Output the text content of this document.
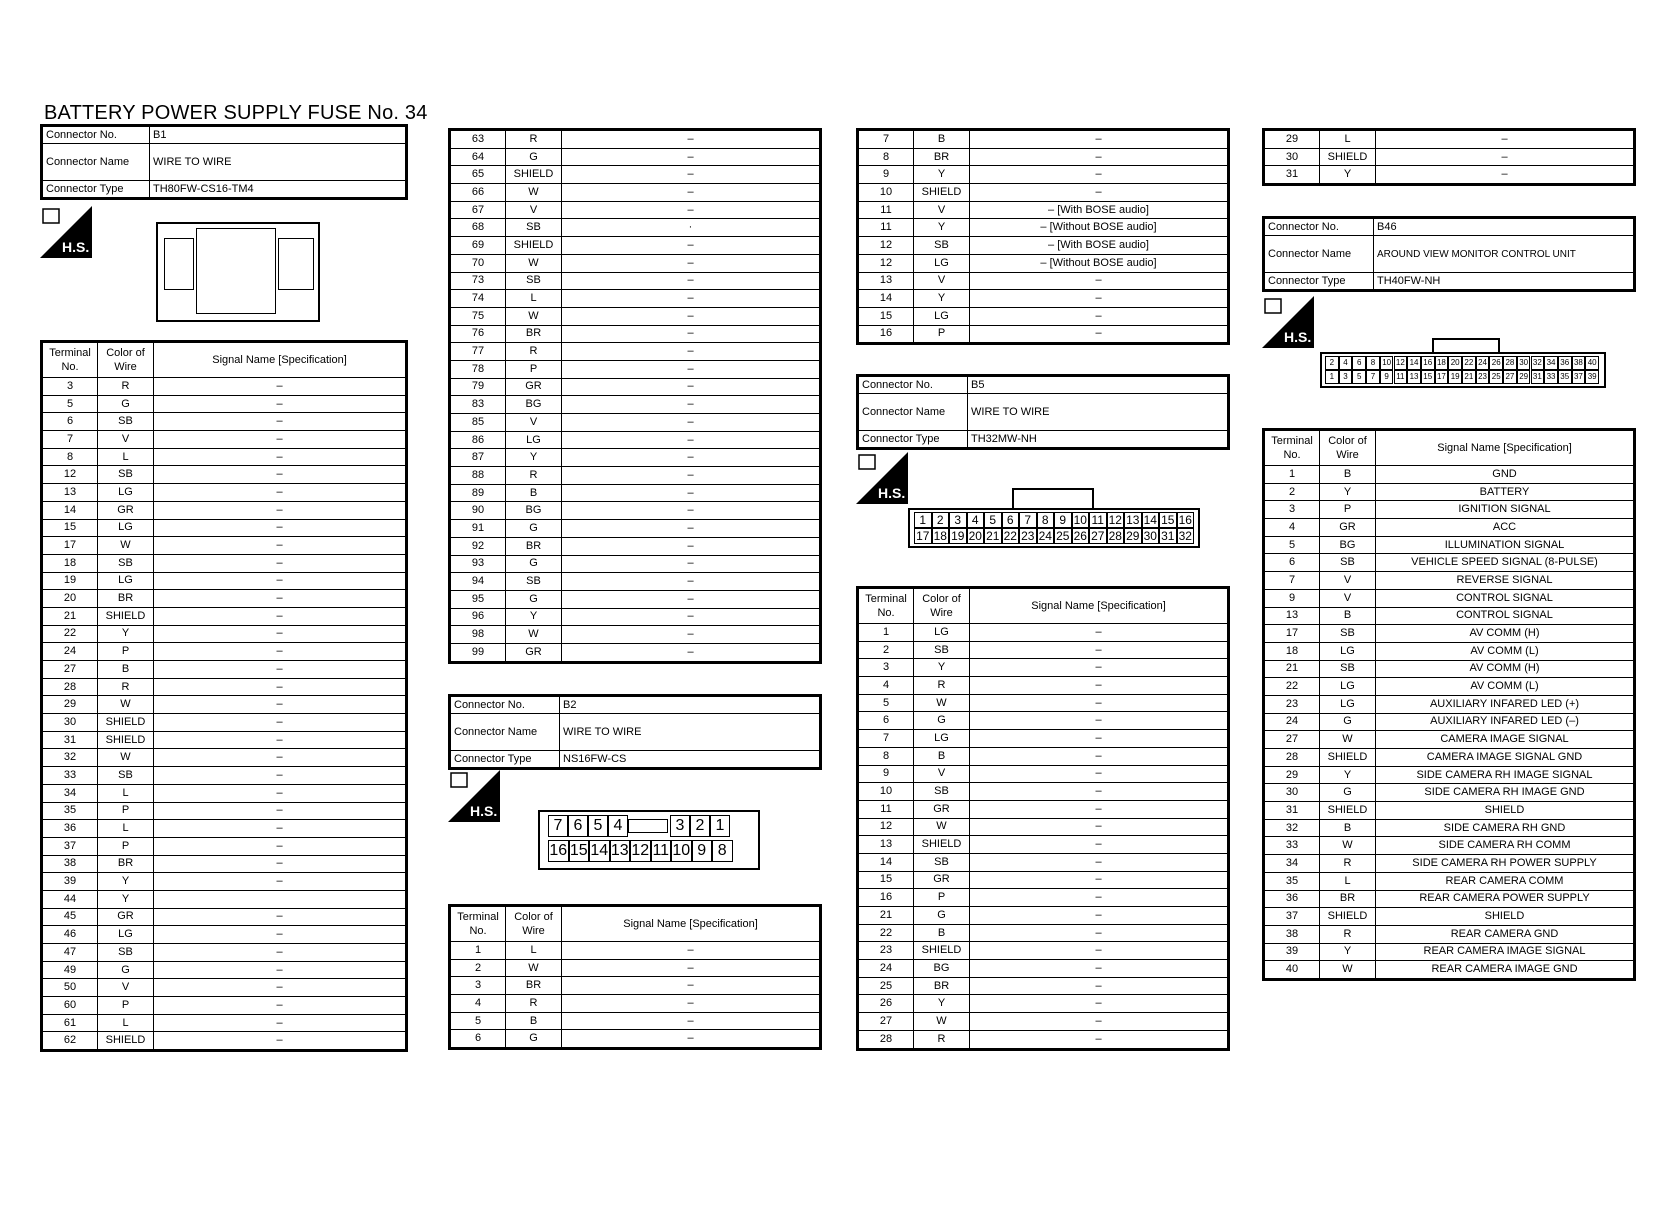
BATTERY POWER SUPPLY FUSE No. 34
Connector No.	B1
Connector Name	WIRE TO WIRE
Connector Type	TH80FW-CS16-TM4
H.S.
Terminal No.	Color of Wire	Signal Name [Specification]
3	R	–
5	G	–
6	SB	–
7	V	–
8	L	–
12	SB	–
13	LG	–
14	GR	–
15	LG	–
17	W	–
18	SB	–
19	LG	–
20	BR	–
21	SHIELD	–
22	Y	–
24	P	–
27	B	–
28	R	–
29	W	–
30	SHIELD	–
31	SHIELD	–
32	W	–
33	SB	–
34	L	–
35	P	–
36	L	–
37	P	–
38	BR	–
39	Y	–
44	Y	
45	GR	–
46	LG	–
47	SB	–
49	G	–
50	V	–
60	P	–
61	L	–
62	SHIELD	–
63	R	–
64	G	–
65	SHIELD	–
66	W	–
67	V	–
68	SB	·
69	SHIELD	–
70	W	–
73	SB	–
74	L	–
75	W	–
76	BR	–
77	R	–
78	P	–
79	GR	–
83	BG	–
85	V	–
86	LG	–
87	Y	–
88	R	–
89	B	–
90	BG	–
91	G	–
92	BR	–
93	G	–
94	SB	–
95	G	–
96	Y	–
98	W	–
99	GR	–
Connector No.	B2
Connector Name	WIRE TO WIRE
Connector Type	NS16FW-CS
H.S.
7 6 5 4	3 2 1
16 15 14 13 12 11 10 9 8
Terminal No.	Color of Wire	Signal Name [Specification]
1	L	–
2	W	–
3	BR	–
4	R	–
5	B	–
6	G	–
7	B	–
8	BR	–
9	Y	–
10	SHIELD	–
11	V	– [With BOSE audio]
11	Y	– [Without BOSE audio]
12	SB	– [With BOSE audio]
12	LG	– [Without BOSE audio]
13	V	–
14	Y	–
15	LG	–
16	P	–
Connector No.	B5
Connector Name	WIRE TO WIRE
Connector Type	TH32MW-NH
H.S.
1 2 3 4 5 6 7 8 9 10 11 12 13 14 15 16
17 18 19 20 21 22 23 24 25 26 27 28 29 30 31 32
Terminal No.	Color of Wire	Signal Name [Specification]
1	LG	–
2	SB	–
3	Y	–
4	R	–
5	W	–
6	G	–
7	LG	–
8	B	–
9	V	–
10	SB	–
11	GR	–
12	W	–
13	SHIELD	–
14	SB	–
15	GR	–
16	P	–
21	G	–
22	B	–
23	SHIELD	–
24	BG	–
25	BR	–
26	Y	–
27	W	–
28	R	–
29	L	–
30	SHIELD	–
31	Y	–
Connector No.	B46
Connector Name	AROUND VIEW MONITOR CONTROL UNIT
Connector Type	TH40FW-NH
H.S.
2	4	6	8 10 12 14 16 18 20 22 24 26 28 30 32 34 36 38 40
1	3	5	7	9 11 13 15 17 19 21 23 25 27 29 31 33 35 37 39
Terminal No.	Color of Wire	Signal Name [Specification]
1	B	GND
2	Y	BATTERY
3	P	IGNITION SIGNAL
4	GR	ACC
5	BG	ILLUMINATION SIGNAL
6	SB	VEHICLE SPEED SIGNAL (8-PULSE)
7	V	REVERSE SIGNAL
9	V	CONTROL SIGNAL
13	B	CONTROL SIGNAL
17	SB	AV COMM (H)
18	LG	AV COMM (L)
21	SB	AV COMM (H)
22	LG	AV COMM (L)
23	LG	AUXILIARY INFARED LED (+)
24	G	AUXILIARY INFARED LED (–)
27	W	CAMERA IMAGE SIGNAL
28	SHIELD	CAMERA IMAGE SIGNAL GND
29	Y	SIDE CAMERA RH IMAGE SIGNAL
30	G	SIDE CAMERA RH IMAGE GND
31	SHIELD	SHIELD
32	B	SIDE CAMERA RH GND
33	W	SIDE CAMERA RH COMM
34	R	SIDE CAMERA RH POWER SUPPLY
35	L	REAR CAMERA COMM
36	BR	REAR CAMERA POWER SUPPLY
37	SHIELD	SHIELD
38	R	REAR CAMERA GND
39	Y	REAR CAMERA IMAGE SIGNAL
40	W	REAR CAMERA IMAGE GND
